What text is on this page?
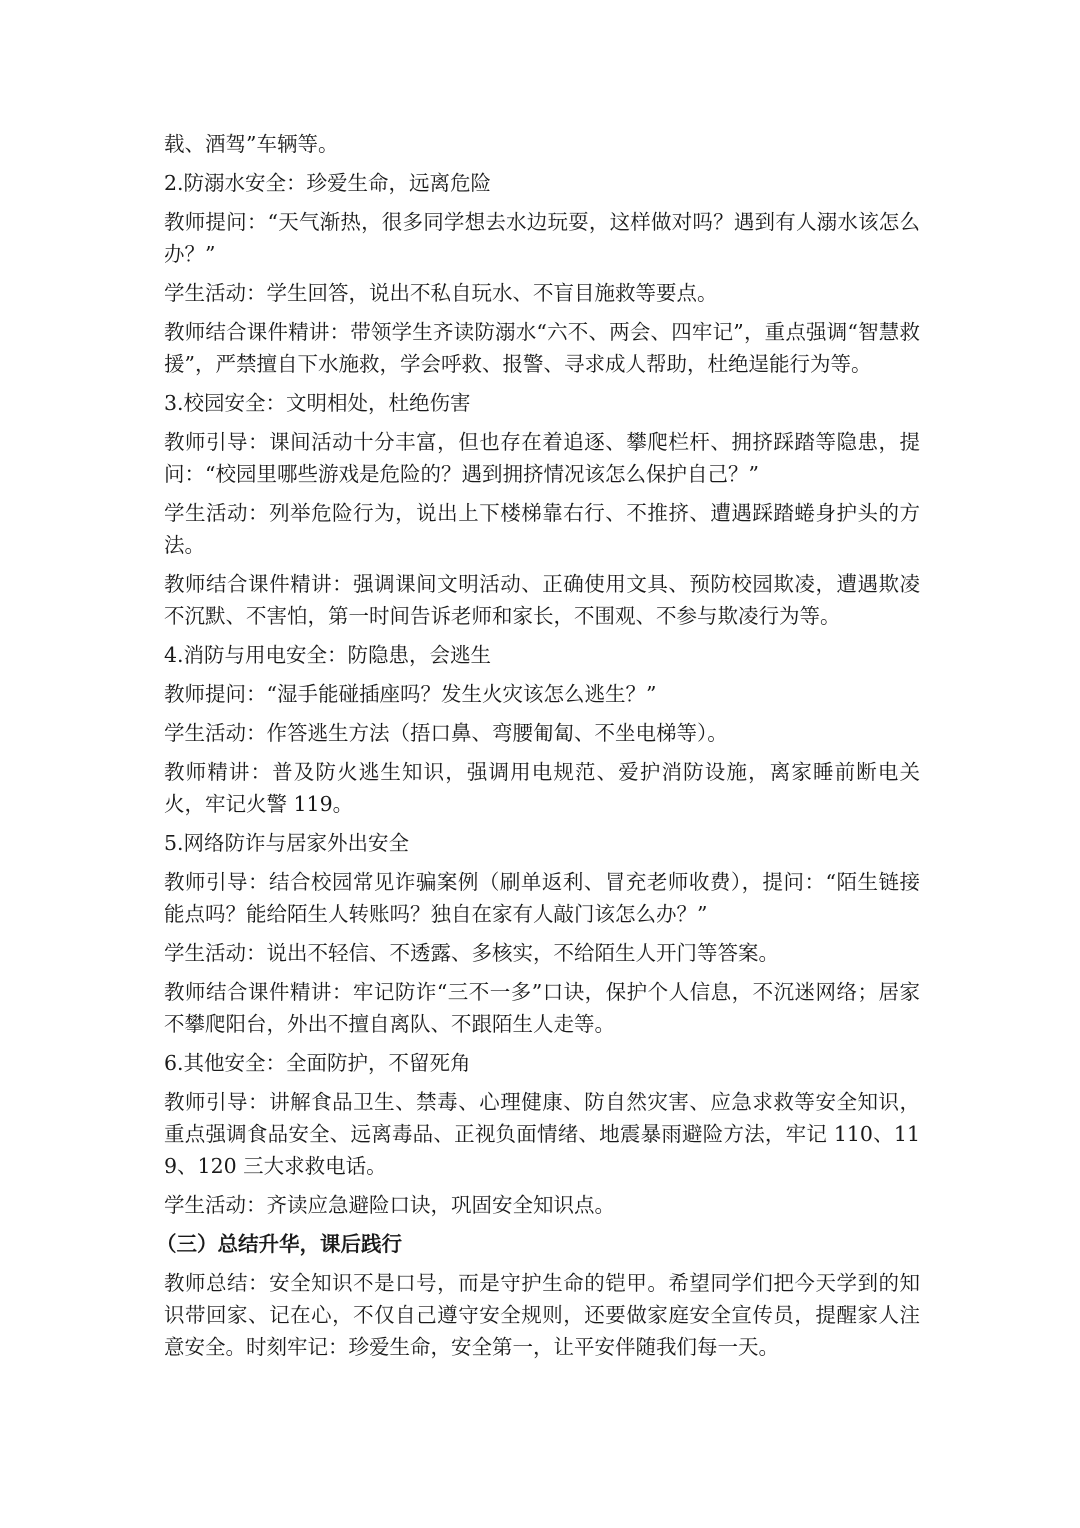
载、酒驾”车辆等。

2.防溺水安全：珍爱生命，远离危险

教师提问：“天气渐热，很多同学想去水边玩耍，这样做对吗？遇到有人溺水该怎么办？”

学生活动：学生回答，说出不私自玩水、不盲目施救等要点。

教师结合课件精讲：带领学生齐读防溺水“六不、两会、四牢记”，重点强调“智慧救援”，严禁擅自下水施救，学会呼救、报警、寻求成人帮助，杜绝逞能行为等。

3.校园安全：文明相处，杜绝伤害

教师引导：课间活动十分丰富，但也存在着追逐、攀爬栏杆、拥挤踩踏等隐患，提问：“校园里哪些游戏是危险的？遇到拥挤情况该怎么保护自己？”

学生活动：列举危险行为，说出上下楼梯靠右行、不推挤、遭遇踩踏蜷身护头的方法。

教师结合课件精讲：强调课间文明活动、正确使用文具、预防校园欺凌，遭遇欺凌不沉默、不害怕，第一时间告诉老师和家长，不围观、不参与欺凌行为等。

4.消防与用电安全：防隐患，会逃生

教师提问：“湿手能碰插座吗？发生火灾该怎么逃生？”

学生活动：作答逃生方法（捂口鼻、弯腰匍匐、不坐电梯等）。

教师精讲：普及防火逃生知识，强调用电规范、爱护消防设施，离家睡前断电关火，牢记火警 119。

5.网络防诈与居家外出安全

教师引导：结合校园常见诈骗案例（刷单返利、冒充老师收费），提问：“陌生链接能点吗？能给陌生人转账吗？独自在家有人敲门该怎么办？”

学生活动：说出不轻信、不透露、多核实，不给陌生人开门等答案。

教师结合课件精讲：牢记防诈“三不一多”口诀，保护个人信息，不沉迷网络；居家不攀爬阳台，外出不擅自离队、不跟陌生人走等。

6.其他安全：全面防护，不留死角

教师引导：讲解食品卫生、禁毒、心理健康、防自然灾害、应急求救等安全知识，重点强调食品安全、远离毒品、正视负面情绪、地震暴雨避险方法，牢记 110、119、120 三大求救电话。

学生活动：齐读应急避险口诀，巩固安全知识点。

（三）总结升华，课后践行

教师总结：安全知识不是口号，而是守护生命的铠甲。希望同学们把今天学到的知识带回家、记在心，不仅自己遵守安全规则，还要做家庭安全宣传员，提醒家人注意安全。时刻牢记：珍爱生命，安全第一，让平安伴随我们每一天。
